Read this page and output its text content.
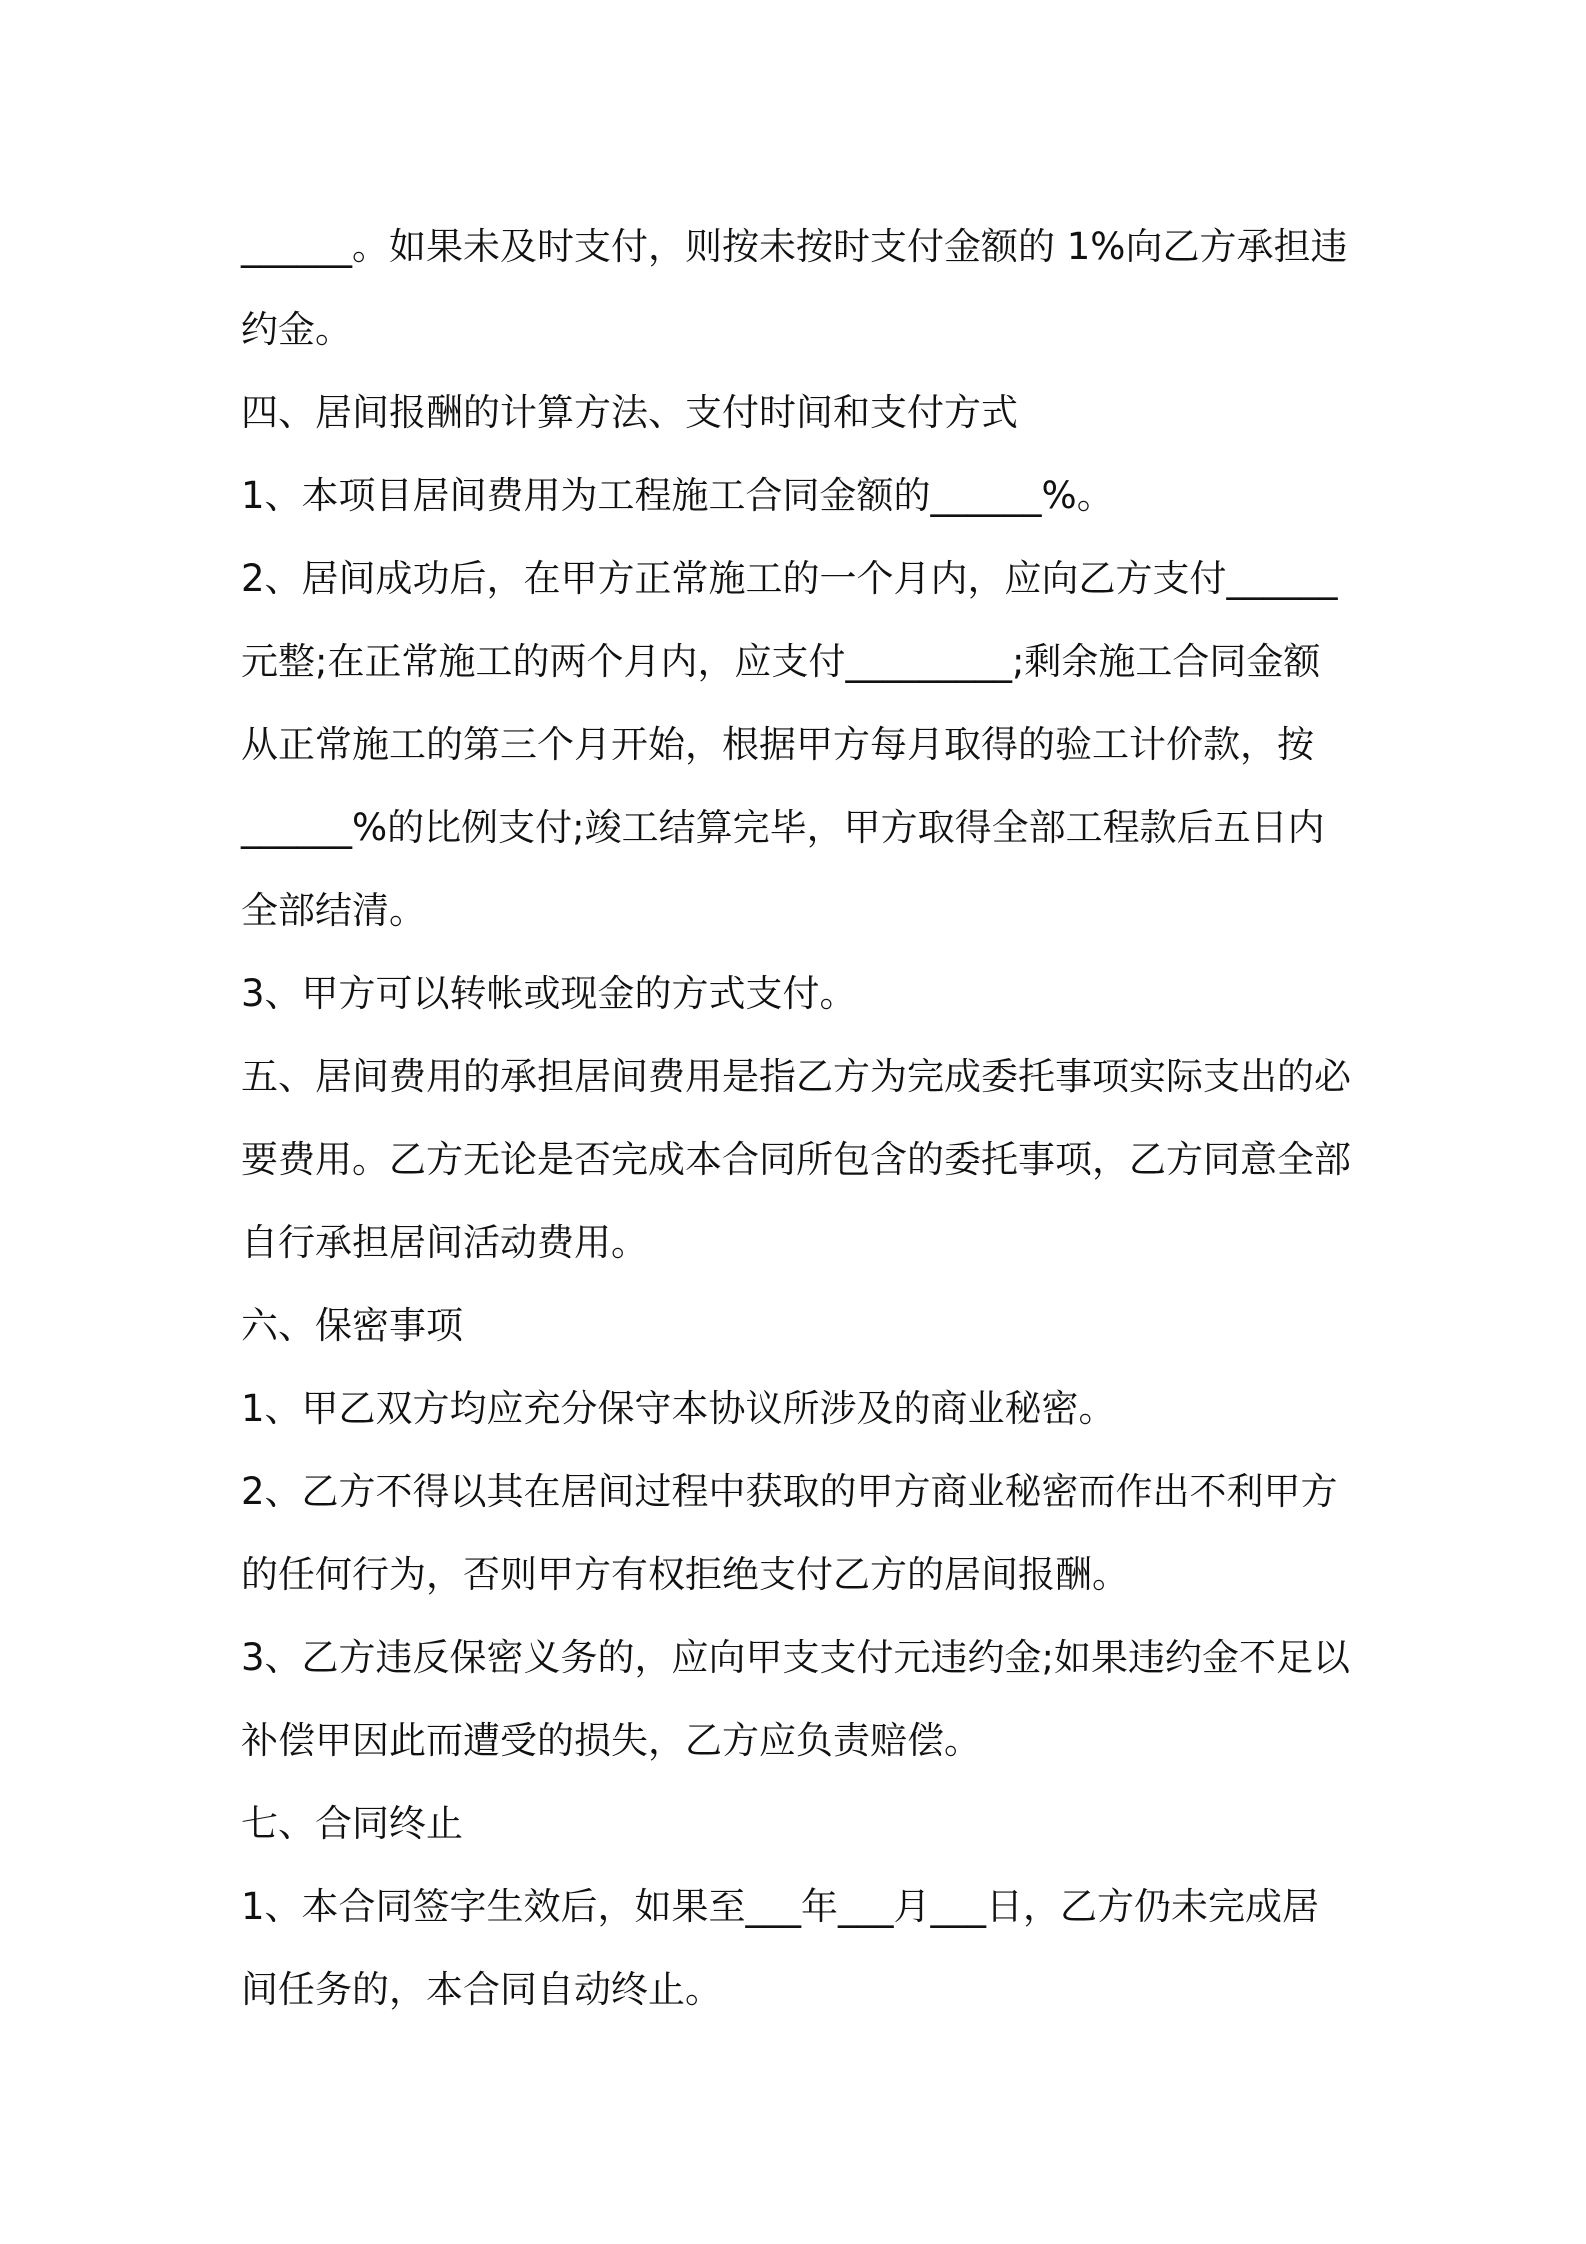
______。如果未及时支付，则按未按时支付金额的 1%向乙方承担违

约金。

四、居间报酬的计算方法、支付时间和支付方式

1、本项目居间费用为工程施工合同金额的______%。

2、居间成功后，在甲方正常施工的一个月内，应向乙方支付______

元整;在正常施工的两个月内，应支付_________;剩余施工合同金额

从正常施工的第三个月开始，根据甲方每月取得的验工计价款，按

______%的比例支付;竣工结算完毕，甲方取得全部工程款后五日内

全部结清。

3、甲方可以转帐或现金的方式支付。

五、居间费用的承担居间费用是指乙方为完成委托事项实际支出的必

要费用。乙方无论是否完成本合同所包含的委托事项，乙方同意全部

自行承担居间活动费用。

六、保密事项

1、甲乙双方均应充分保守本协议所涉及的商业秘密。

2、乙方不得以其在居间过程中获取的甲方商业秘密而作出不利甲方

的任何行为，否则甲方有权拒绝支付乙方的居间报酬。

3、乙方违反保密义务的，应向甲支支付元违约金;如果违约金不足以

补偿甲因此而遭受的损失，乙方应负责赔偿。

七、合同终止

1、本合同签字生效后，如果至___年___月___日，乙方仍未完成居

间任务的，本合同自动终止。
